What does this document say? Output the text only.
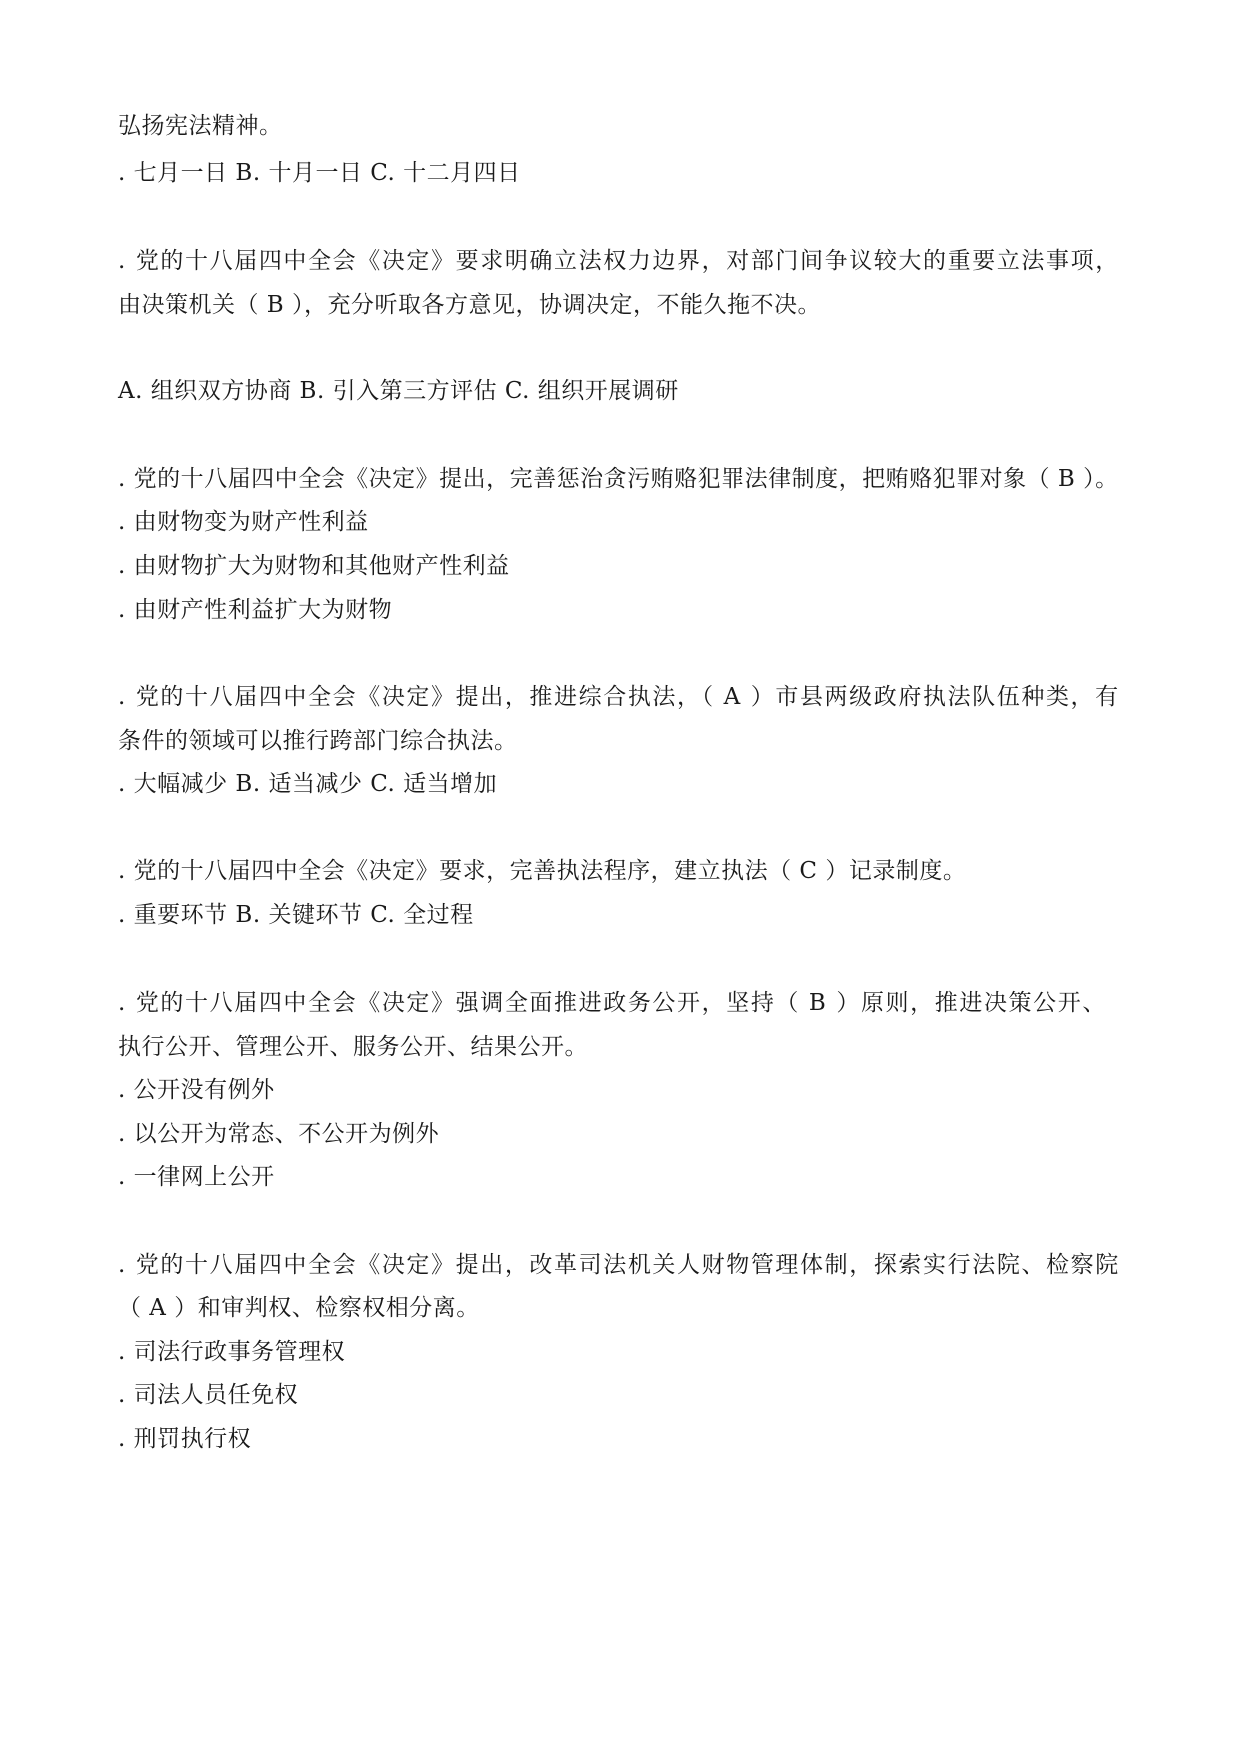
弘扬宪法精神。
. 七月一日 B. 十月一日 C. 十二月四日
. 党的十八届四中全会《决定》要求明确立法权力边界，对部门间争议较大的重要立法事项，
由决策机关（ B ），充分听取各方意见，协调决定，不能久拖不决。
A. 组织双方协商 B. 引入第三方评估 C. 组织开展调研
. 党的十八届四中全会《决定》提出，完善惩治贪污贿赂犯罪法律制度，把贿赂犯罪对象（ B ）。
. 由财物变为财产性利益
. 由财物扩大为财物和其他财产性利益
. 由财产性利益扩大为财物
. 党的十八届四中全会《决定》提出，推进综合执法，（ A ）市县两级政府执法队伍种类，有
条件的领域可以推行跨部门综合执法。
. 大幅减少 B. 适当减少 C. 适当增加
. 党的十八届四中全会《决定》要求，完善执法程序，建立执法（ C ）记录制度。
. 重要环节 B. 关键环节 C. 全过程
. 党的十八届四中全会《决定》强调全面推进政务公开，坚持（ B ）原则，推进决策公开、
执行公开、管理公开、服务公开、结果公开。
. 公开没有例外
. 以公开为常态、不公开为例外
. 一律网上公开
. 党的十八届四中全会《决定》提出，改革司法机关人财物管理体制，探索实行法院、检察院
（ A ）和审判权、检察权相分离。
. 司法行政事务管理权
. 司法人员任免权
. 刑罚执行权
